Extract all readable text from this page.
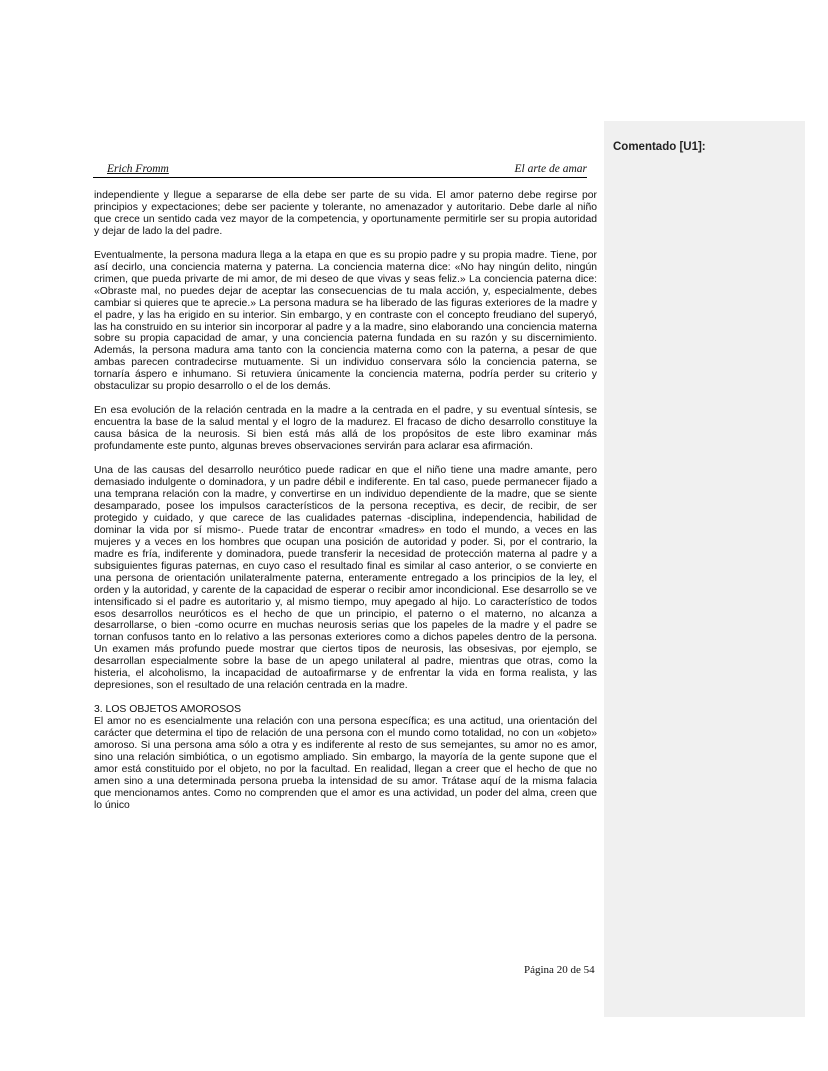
Comentado [U1]:
Erich Fromm	El arte de amar

independiente y llegue a separarse de ella debe ser parte de su vida. El amor paterno debe regirse por principios y expectaciones; debe ser paciente y tolerante, no amenazador y autoritario. Debe darle al niño que crece un sentido cada vez mayor de la competencia, y oportunamente permitirle ser su propia autoridad y dejar de lado la del padre.

Eventualmente, la persona madura llega a la etapa en que es su propio padre y su propia madre. Tiene, por así decirlo, una conciencia materna y paterna. La conciencia materna dice: «No hay ningún delito, ningún crimen, que pueda privarte de mi amor, de mi deseo de que vivas y seas feliz.» La conciencia paterna dice: «Obraste mal, no puedes dejar de aceptar las consecuencias de tu mala acción, y, especialmente, debes cambiar si quieres que te aprecie.» La persona madura se ha liberado de las figuras exteriores de la madre y el padre, y las ha erigido en su interior. Sin embargo, y en contraste con el concepto freudiano del superyó, las ha construido en su interior sin incorporar al padre y a la madre, sino elaborando una conciencia materna sobre su propia capacidad de amar, y una conciencia paterna fundada en su razón y su discernimiento. Además, la persona madura ama tanto con la conciencia materna como con la paterna, a pesar de que ambas parecen contradecirse mutuamente. Si un individuo conservara sólo la conciencia paterna, se tornaría áspero e inhumano. Si retuviera únicamente la conciencia materna, podría perder su criterio y obstaculizar su propio desarrollo o el de los demás.

En esa evolución de la relación centrada en la madre a la centrada en el padre, y su eventual síntesis, se encuentra la base de la salud mental y el logro de la madurez. El fracaso de dicho desarrollo constituye la causa básica de la neurosis. Si bien está más allá de los propósitos de este libro examinar más profundamente este punto, algunas breves observaciones servirán para aclarar esa afirmación.

Una de las causas del desarrollo neurótico puede radicar en que el niño tiene una madre amante, pero demasiado indulgente o dominadora, y un padre débil e indiferente. En tal caso, puede permanecer fijado a una temprana relación con la madre, y convertirse en un individuo dependiente de la madre, que se siente desamparado, posee los impulsos característicos de la persona receptiva, es decir, de recibir, de ser protegido y cuidado, y que carece de las cualidades paternas -disciplina, independencia, habilidad de dominar la vida por sí mismo-. Puede tratar de encontrar «madres» en todo el mundo, a veces en las mujeres y a veces en los hombres que ocupan una posición de autoridad y poder. Si, por el contrario, la madre es fría, indiferente y dominadora, puede transferir la necesidad de protección materna al padre y a subsiguientes figuras paternas, en cuyo caso el resultado final es similar al caso anterior, o se convierte en una persona de orientación unilateralmente paterna, enteramente entregado a los principios de la ley, el orden y la autoridad, y carente de la capacidad de esperar o recibir amor incondicional. Ese desarrollo se ve intensificado si el padre es autoritario y, al mismo tiempo, muy apegado al hijo. Lo característico de todos esos desarrollos neuróticos es el hecho de que un principio, el paterno o el materno, no alcanza a desarrollarse, o bien -como ocurre en muchas neurosis serias que los papeles de la madre y el padre se tornan confusos tanto en lo relativo a las personas exteriores como a dichos papeles dentro de la persona. Un examen más profundo puede mostrar que ciertos tipos de neurosis, las obsesivas, por ejemplo, se desarrollan especialmente sobre la base de un apego unilateral al padre, mientras que otras, como la histeria, el alcoholismo, la incapacidad de autoafirmarse y de enfrentar la vida en forma realista, y las depresiones, son el resultado de una relación centrada en la madre.

3. LOS OBJETOS AMOROSOS

El amor no es esencialmente una relación con una persona específica; es una actitud, una orientación del carácter que determina el tipo de relación de una persona con el mundo como totalidad, no con un «objeto» amoroso. Si una persona ama sólo a otra y es indiferente al resto de sus semejantes, su amor no es amor, sino una relación simbiótica, o un egotismo ampliado. Sin embargo, la mayoría de la gente supone que el amor está constituido por el objeto, no por la facultad. En realidad, llegan a creer que el hecho de que no amen sino a una determinada persona prueba la intensidad de su amor. Trátase aquí de la misma falacia que mencionamos antes. Como no comprenden que el amor es una actividad, un poder del alma, creen que lo único

Página 20 de 54
